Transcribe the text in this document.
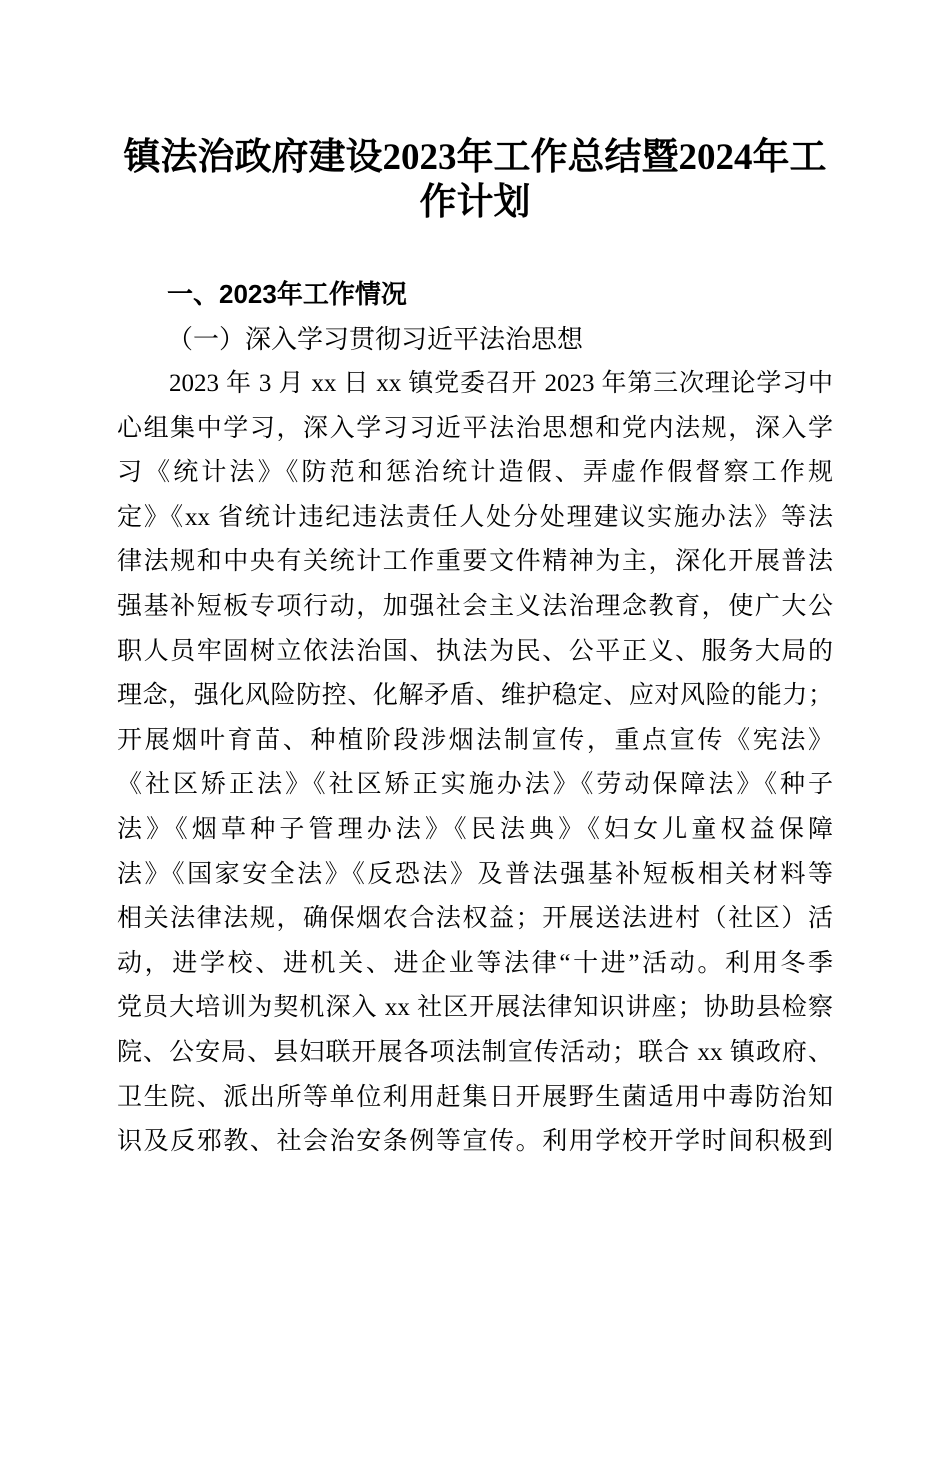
镇法治政府建设2023年工作总结暨2024年工作计划
一、2023年工作情况
（一）深入学习贯彻习近平法治思想
2023 年 3 月 xx 日 xx 镇党委召开 2023 年第三次理论学习中
心组集中学习，深入学习习近平法治思想和党内法规，深入学
习《统计法》《防范和惩治统计造假、弄虚作假督察工作规
定》《xx 省统计违纪违法责任人处分处理建议实施办法》等法
律法规和中央有关统计工作重要文件精神为主，深化开展普法
强基补短板专项行动，加强社会主义法治理念教育，使广大公
职人员牢固树立依法治国、执法为民、公平正义、服务大局的
理念，强化风险防控、化解矛盾、维护稳定、应对风险的能力；
开展烟叶育苗、种植阶段涉烟法制宣传，重点宣传《宪法》
《社区矫正法》《社区矫正实施办法》《劳动保障法》《种子
法》《烟草种子管理办法》《民法典》《妇女儿童权益保障
法》《国家安全法》《反恐法》及普法强基补短板相关材料等
相关法律法规，确保烟农合法权益；开展送法进村（社区）活
动，进学校、进机关、进企业等法律“十进”活动。利用冬季
党员大培训为契机深入 xx 社区开展法律知识讲座；协助县检察
院、公安局、县妇联开展各项法制宣传活动；联合 xx 镇政府、
卫生院、派出所等单位利用赶集日开展野生菌适用中毒防治知
识及反邪教、社会治安条例等宣传。利用学校开学时间积极到
